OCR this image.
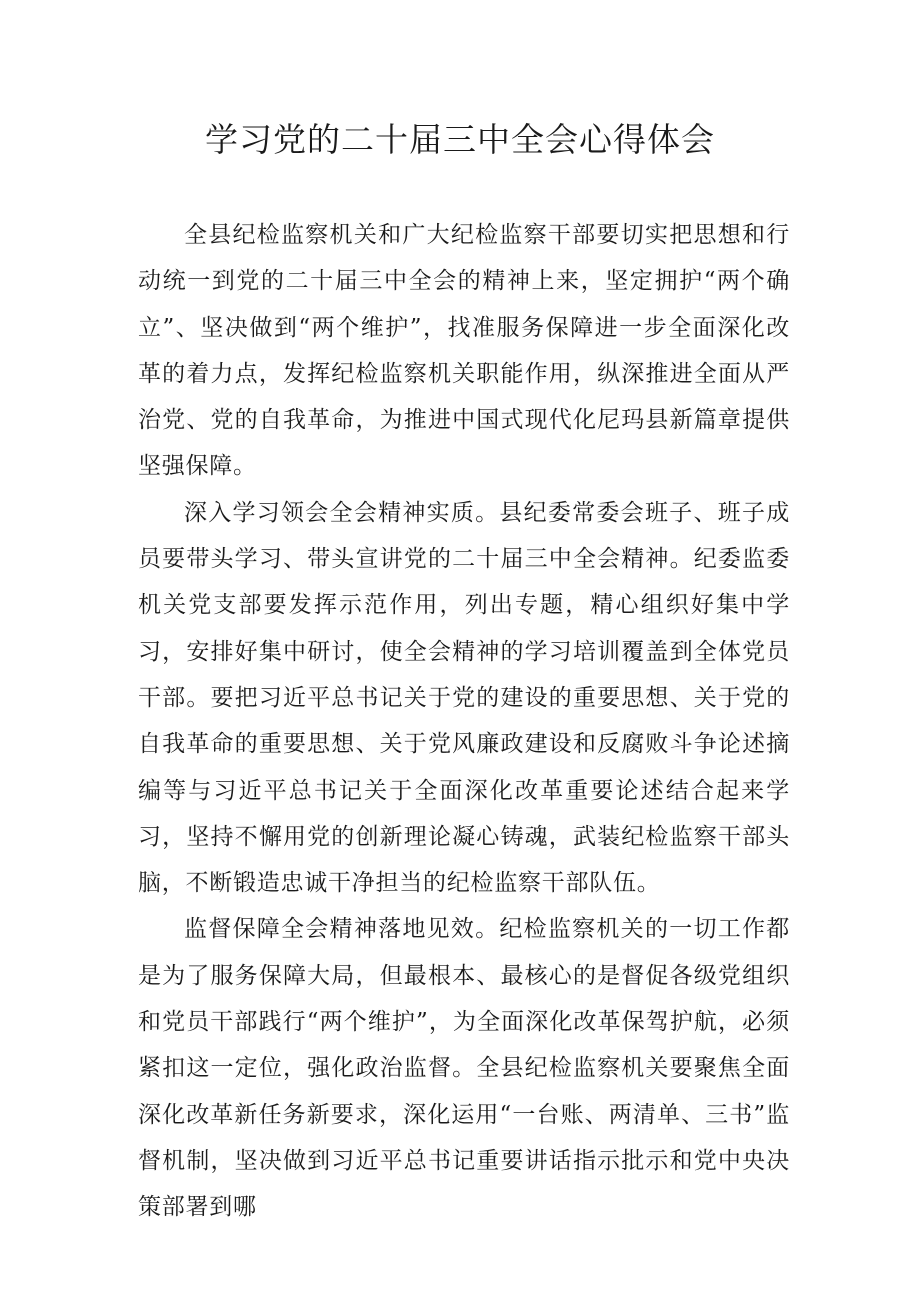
学习党的二十届三中全会心得体会

全县纪检监察机关和广大纪检监察干部要切实把思想和行动统一到党的二十届三中全会的精神上来，坚定拥护“两个确立”、坚决做到“两个维护”，找准服务保障进一步全面深化改革的着力点，发挥纪检监察机关职能作用，纵深推进全面从严治党、党的自我革命，为推进中国式现代化尼玛县新篇章提供坚强保障。

深入学习领会全会精神实质。县纪委常委会班子、班子成员要带头学习、带头宣讲党的二十届三中全会精神。纪委监委机关党支部要发挥示范作用，列出专题，精心组织好集中学习，安排好集中研讨，使全会精神的学习培训覆盖到全体党员干部。要把习近平总书记关于党的建设的重要思想、关于党的自我革命的重要思想、关于党风廉政建设和反腐败斗争论述摘编等与习近平总书记关于全面深化改革重要论述结合起来学习，坚持不懈用党的创新理论凝心铸魂，武装纪检监察干部头脑，不断锻造忠诚干净担当的纪检监察干部队伍。

监督保障全会精神落地见效。纪检监察机关的一切工作都是为了服务保障大局，但最根本、最核心的是督促各级党组织和党员干部践行“两个维护”，为全面深化改革保驾护航，必须紧扣这一定位，强化政治监督。全县纪检监察机关要聚焦全面深化改革新任务新要求，深化运用“一台账、两清单、三书”监督机制，坚决做到习近平总书记重要讲话指示批示和党中央决策部署到哪
